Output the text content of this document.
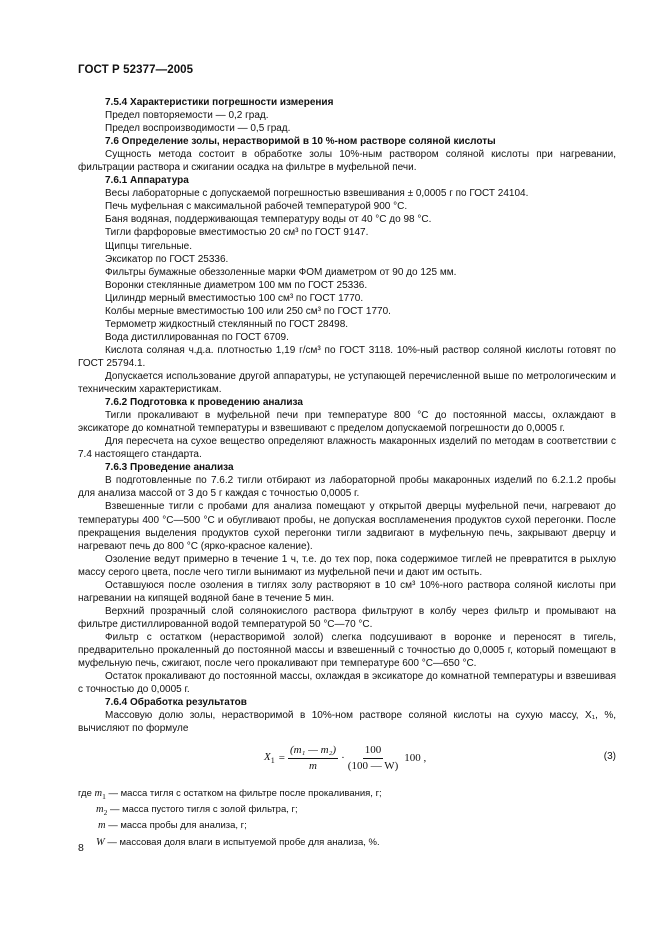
ГОСТ Р 52377—2005

7.5.4 Характеристики погрешности измерения

Предел повторяемости — 0,2 град.

Предел воспроизводимости — 0,5 град.

7.6 Определение золы, нерастворимой в 10 %-ном растворе соляной кислоты

Сущность метода состоит в обработке золы 10%-ным раствором соляной кислоты при нагревании, фильтрации раствора и сжигании осадка на фильтре в муфельной печи.

7.6.1 Аппаратура

Весы лабораторные с допускаемой погрешностью взвешивания ± 0,0005 г по ГОСТ 24104.

Печь муфельная с максимальной рабочей температурой 900 °С.

Баня водяная, поддерживающая температуру воды от 40 °С до 98 °С.

Тигли фарфоровые вместимостью 20 см³ по ГОСТ 9147.

Щипцы тигельные.

Эксикатор по ГОСТ 25336.

Фильтры бумажные обеззоленные марки ФОМ диаметром от 90 до 125 мм.

Воронки стеклянные диаметром 100 мм по ГОСТ 25336.

Цилиндр мерный вместимостью 100 см³ по ГОСТ 1770.

Колбы мерные вместимостью 100 или 250 см³ по ГОСТ 1770.

Термометр жидкостный стеклянный по ГОСТ 28498.

Вода дистиллированная по ГОСТ 6709.

Кислота соляная ч.д.а. плотностью 1,19 г/см³ по ГОСТ 3118. 10%-ный раствор соляной кислоты готовят по ГОСТ 25794.1.

Допускается использование другой аппаратуры, не уступающей перечисленной выше по метрологическим и техническим характеристикам.

7.6.2 Подготовка к проведению анализа

Тигли прокаливают в муфельной печи при температуре 800 °С до постоянной массы, охлаждают в эксикаторе до комнатной температуры и взвешивают с пределом допускаемой погрешности до 0,0005 г.

Для пересчета на сухое вещество определяют влажность макаронных изделий по методам в соответствии с 7.4 настоящего стандарта.

7.6.3 Проведение анализа

В подготовленные по 7.6.2 тигли отбирают из лабораторной пробы макаронных изделий по 6.2.1.2 пробы для анализа массой от 3 до 5 г каждая с точностью 0,0005 г.

Взвешенные тигли с пробами для анализа помещают у открытой дверцы муфельной печи, нагревают до температуры 400 °С—500 °С и обугливают пробы, не допуская воспламенения продуктов сухой перегонки. После прекращения выделения продуктов сухой перегонки тигли задвигают в муфельную печь, закрывают дверцу и нагревают печь до 800 °С (ярко-красное каление).

Озоление ведут примерно в течение 1 ч, т.е. до тех пор, пока содержимое тиглей не превратится в рыхлую массу серого цвета, после чего тигли вынимают из муфельной печи и дают им остыть.

Оставшуюся после озоления в тиглях золу растворяют в 10 см³ 10%-ного раствора соляной кислоты при нагревании на кипящей водяной бане в течение 5 мин.

Верхний прозрачный слой солянокислого раствора фильтруют в колбу через фильтр и промывают на фильтре дистиллированной водой температурой 50 °С—70 °С.

Фильтр с остатком (нерастворимой золой) слегка подсушивают в воронке и переносят в тигель, предварительно прокаленный до постоянной массы и взвешенный с точностью до 0,0005 г, который помещают в муфельную печь, сжигают, после чего прокаливают при температуре 600 °С—650 °С.

Остаток прокаливают до постоянной массы, охлаждая в эксикаторе до комнатной температуры и взвешивая с точностью до 0,0005 г.

7.6.4 Обработка результатов

Массовую долю золы, нерастворимой в 10%-ном растворе соляной кислоты на сухую массу, X₁, %, вычисляют по формуле

$X_1 = \frac{\text{(m₁ — m₂)}}{m} \cdot \frac{100}{(100 — W)} 100$ ,	(3)

где $m_1$ — масса тигля с остатком на фильтре после прокаливания, г;

$m_2$ — масса пустого тигля с золой фильтра, г;

m — масса пробы для анализа, г;

W — массовая доля влаги в испытуемой пробе для анализа, %.

8
